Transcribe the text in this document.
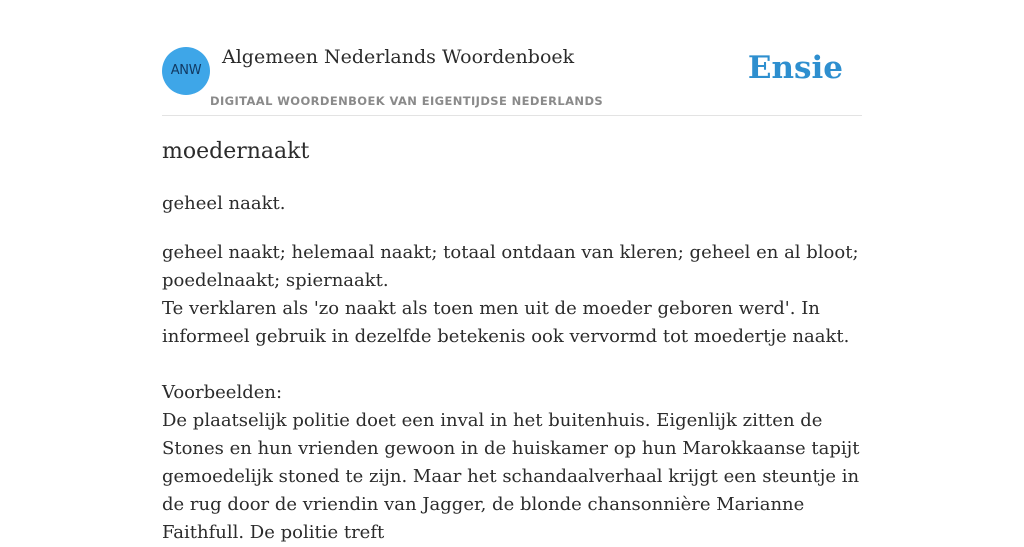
ANW
Algemeen Nederlands Woordenboek
DIGITAAL WOORDENBOEK VAN EIGENTIJDSE NEDERLANDS
Ensie
moedernaakt
geheel naakt.

geheel naakt; helemaal naakt; totaal ontdaan van kleren; geheel en al bloot; poedelnaakt; spiernaakt.

Te verklaren als 'zo naakt als toen men uit de moeder geboren werd'. In informeel gebruik in dezelfde betekenis ook vervormd tot moedertje naakt.

Voorbeelden:

De plaatselijk politie doet een inval in het buitenhuis. Eigenlijk zitten de Stones en hun vrienden gewoon in de huiskamer op hun Marokkaanse tapijt gemoedelijk stoned te zijn. Maar het schandaalverhaal krijgt een steuntje in de rug door de vriendin van Jagger, de blonde chansonnière Marianne Faithfull. De politie treft
